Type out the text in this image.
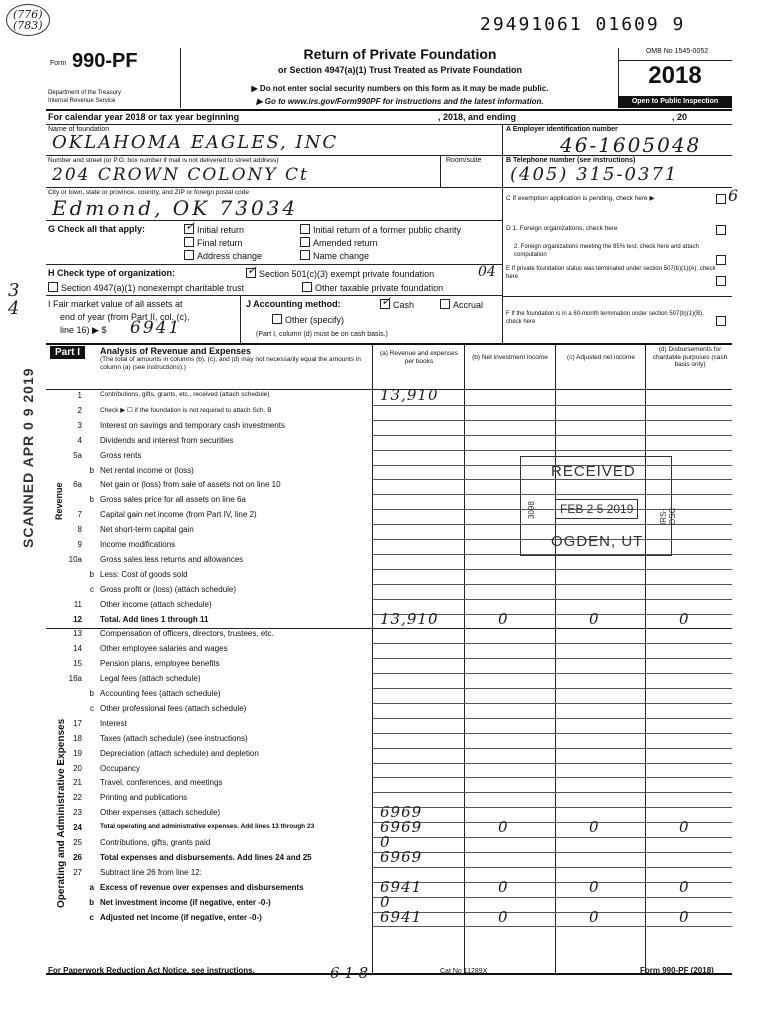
(776)
(783)	29491061 01609 9
Form 990-PF
Department of the Treasury
Internal Revenue Service
Return of Private Foundation
or Section 4947(a)(1) Trust Treated as Private Foundation
▶ Do not enter social security numbers on this form as it may be made public.
▶ Go to www.irs.gov/Form990PF for instructions and the latest information.
OMB No 1545-0052
2018
Open to Public Inspection
For calendar year 2018 or tax year beginning	, 2018, and ending	, 20
Name of foundation
OKLAHOMA EAGLES, INC
Number and street (or P.O. box number if mail is not delivered to street address)	Room/suite
204 CROWN COLONY Ct
City or town, state or province, country, and ZIP or foreign postal code
Edmond, OK 73034
A Employer identification number
46-1605048
B Telephone number (see instructions)
(405) 315-0371
C If exemption application is pending, check here ▶	6
D 1. Foreign organizations, check here
2. Foreign organizations meeting the 85% test, check here and attach computation
E If private foundation status was terminated under section 507(b)(1)(A), check here
F If the foundation is in a 60-month termination under section 507(b)(1)(B), check here
G Check all that apply:	✓ Initial return	Initial return of a former public charity
Final return	Amended return
Address change	Name change
H Check type of organization:	✓ Section 501(c)(3) exempt private foundation	04
Section 4947(a)(1) nonexempt charitable trust	Other taxable private foundation
3
4	I Fair market value of all assets at
end of year (from Part II, col. (c),
line 16) ▶ $ 6941
J Accounting method:	✓ Cash	Accrual
Other (specify)
(Part I, column (d) must be on cash basis.)
Part I	Analysis of Revenue and Expenses
(The total of amounts in columns (b), (c), and (d) may not necessarily equal the amounts in column (a) (see instructions).)
(a) Revenue and expenses per books	(b) Net investment income	(c) Adjusted net income
(d) Disbursements for charitable purposes (cash basis only)
Revenue
Operating and Administrative Expenses
SCANNED APR 0 9 2019	1	Contributions, gifts, grants, etc., received (attach schedule)	13,910
2	Check ▶ ☐ if the foundation is not required to attach Sch. B
3 Interest on savings and temporary cash investments
4 Dividends and interest from securities
5a Gross rents
b Net rental income or (loss)
6a Net gain or (loss) from sale of assets not on line 10
b Gross sales price for all assets on line 6a
7 Capital gain net income (from Part IV, line 2)
8 Net short-term capital gain
9 Income modifications
10a Gross sales less returns and allowances
b Less: Cost of goods sold
c Gross profit or (loss) (attach schedule)
11 Other income (attach schedule)
12 Total. Add lines 1 through 11	13,910	0	0	0
13 Compensation of officers, directors, trustees, etc.
14 Other employee salaries and wages
15 Pension plans, employee benefits
16a Legal fees (attach schedule)
b Accounting fees (attach schedule)
c Other professional fees (attach schedule)
17 Interest
18 Taxes (attach schedule) (see instructions)
19 Depreciation (attach schedule) and depletion
20 Occupancy
21 Travel, conferences, and meetings
22 Printing and publications
23 Other expenses (attach schedule)	6969
24	Total operating and administrative expenses. Add lines 13 through 23	6969	0	0	0
25 Contributions, gifts, grants paid	0
26 Total expenses and disbursements. Add lines 24 and 25	6969
27 Subtract line 26 from line 12:
a Excess of revenue over expenses and disbursements	6941	0	0	0
b Net investment income (if negative, enter -0-)	0
c Adjusted net income (if negative, enter -0-)	6941	0	0	0
RECEIVED
FEB 2 5 2019
OGDEN, UT
3098	IRS-OSC
For Paperwork Reduction Act Notice, see instructions.	6 1 8	Cat No 11289X	Form 990-PF (2018)
